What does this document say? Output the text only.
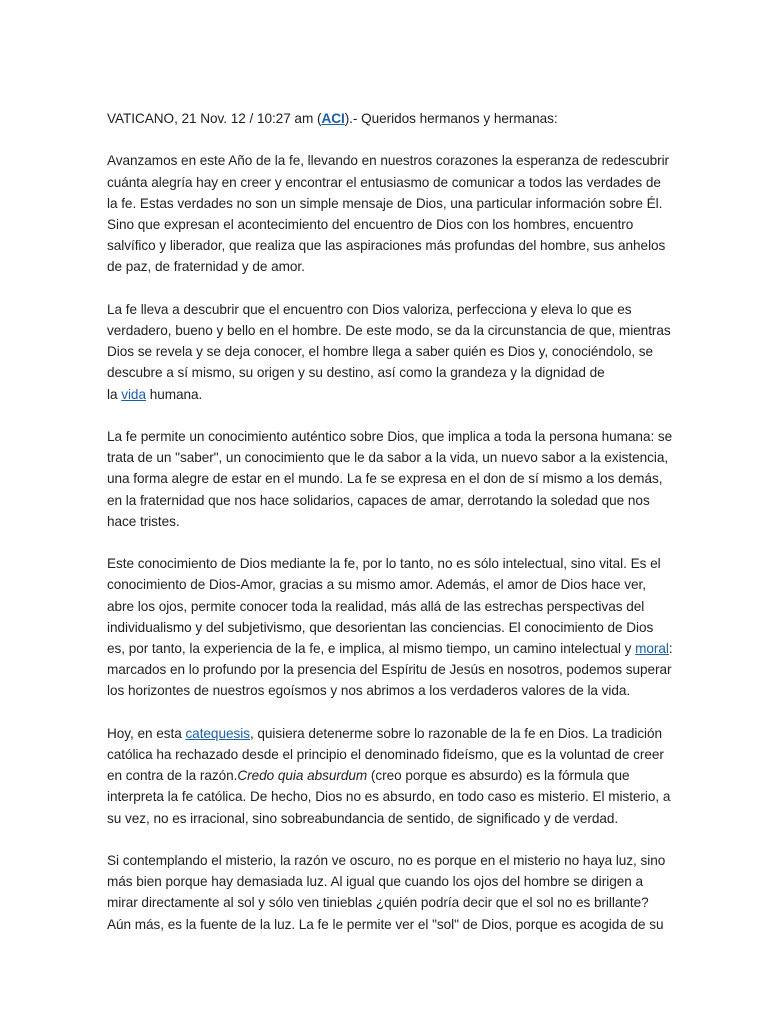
VATICANO, 21 Nov. 12 / 10:27 am (ACI).- Queridos hermanos y hermanas:

Avanzamos en este Año de la fe, llevando en nuestros corazones la esperanza de redescubrir
cuánta alegría hay en creer y encontrar el entusiasmo de comunicar a todos las verdades de
la fe. Estas verdades no son un simple mensaje de Dios, una particular información sobre Él.
Sino que expresan el acontecimiento del encuentro de Dios con los hombres, encuentro
salvífico y liberador, que realiza que las aspiraciones más profundas del hombre, sus anhelos
de paz, de fraternidad y de amor.

La fe lleva a descubrir que el encuentro con Dios valoriza, perfecciona y eleva lo que es
verdadero, bueno y bello en el hombre. De este modo, se da la circunstancia de que, mientras
Dios se revela y se deja conocer, el hombre llega a saber quién es Dios y, conociéndolo, se
descubre a sí mismo, su origen y su destino, así como la grandeza y la dignidad de
la vida humana.

La fe permite un conocimiento auténtico sobre Dios, que implica a toda la persona humana: se
trata de un "saber", un conocimiento que le da sabor a la vida, un nuevo sabor a la existencia,
una forma alegre de estar en el mundo. La fe se expresa en el don de sí mismo a los demás,
en la fraternidad que nos hace solidarios, capaces de amar, derrotando la soledad que nos
hace tristes.

Este conocimiento de Dios mediante la fe, por lo tanto, no es sólo intelectual, sino vital. Es el
conocimiento de Dios-Amor, gracias a su mismo amor. Además, el amor de Dios hace ver,
abre los ojos, permite conocer toda la realidad, más allá de las estrechas perspectivas del
individualismo y del subjetivismo, que desorientan las conciencias. El conocimiento de Dios
es, por tanto, la experiencia de la fe, e implica, al mismo tiempo, un camino intelectual y moral:
marcados en lo profundo por la presencia del Espíritu de Jesús en nosotros, podemos superar
los horizontes de nuestros egoísmos y nos abrimos a los verdaderos valores de la vida.

Hoy, en esta catequesis, quisiera detenerme sobre lo razonable de la fe en Dios. La tradición
católica ha rechazado desde el principio el denominado fideísmo, que es la voluntad de creer
en contra de la razón.Credo quia absurdum (creo porque es absurdo) es la fórmula que
interpreta la fe católica. De hecho, Dios no es absurdo, en todo caso es misterio. El misterio, a
su vez, no es irracional, sino sobreabundancia de sentido, de significado y de verdad.

Si contemplando el misterio, la razón ve oscuro, no es porque en el misterio no haya luz, sino
más bien porque hay demasiada luz. Al igual que cuando los ojos del hombre se dirigen a
mirar directamente al sol y sólo ven tinieblas ¿quién podría decir que el sol no es brillante?
Aún más, es la fuente de la luz. La fe le permite ver el "sol" de Dios, porque es acogida de su
